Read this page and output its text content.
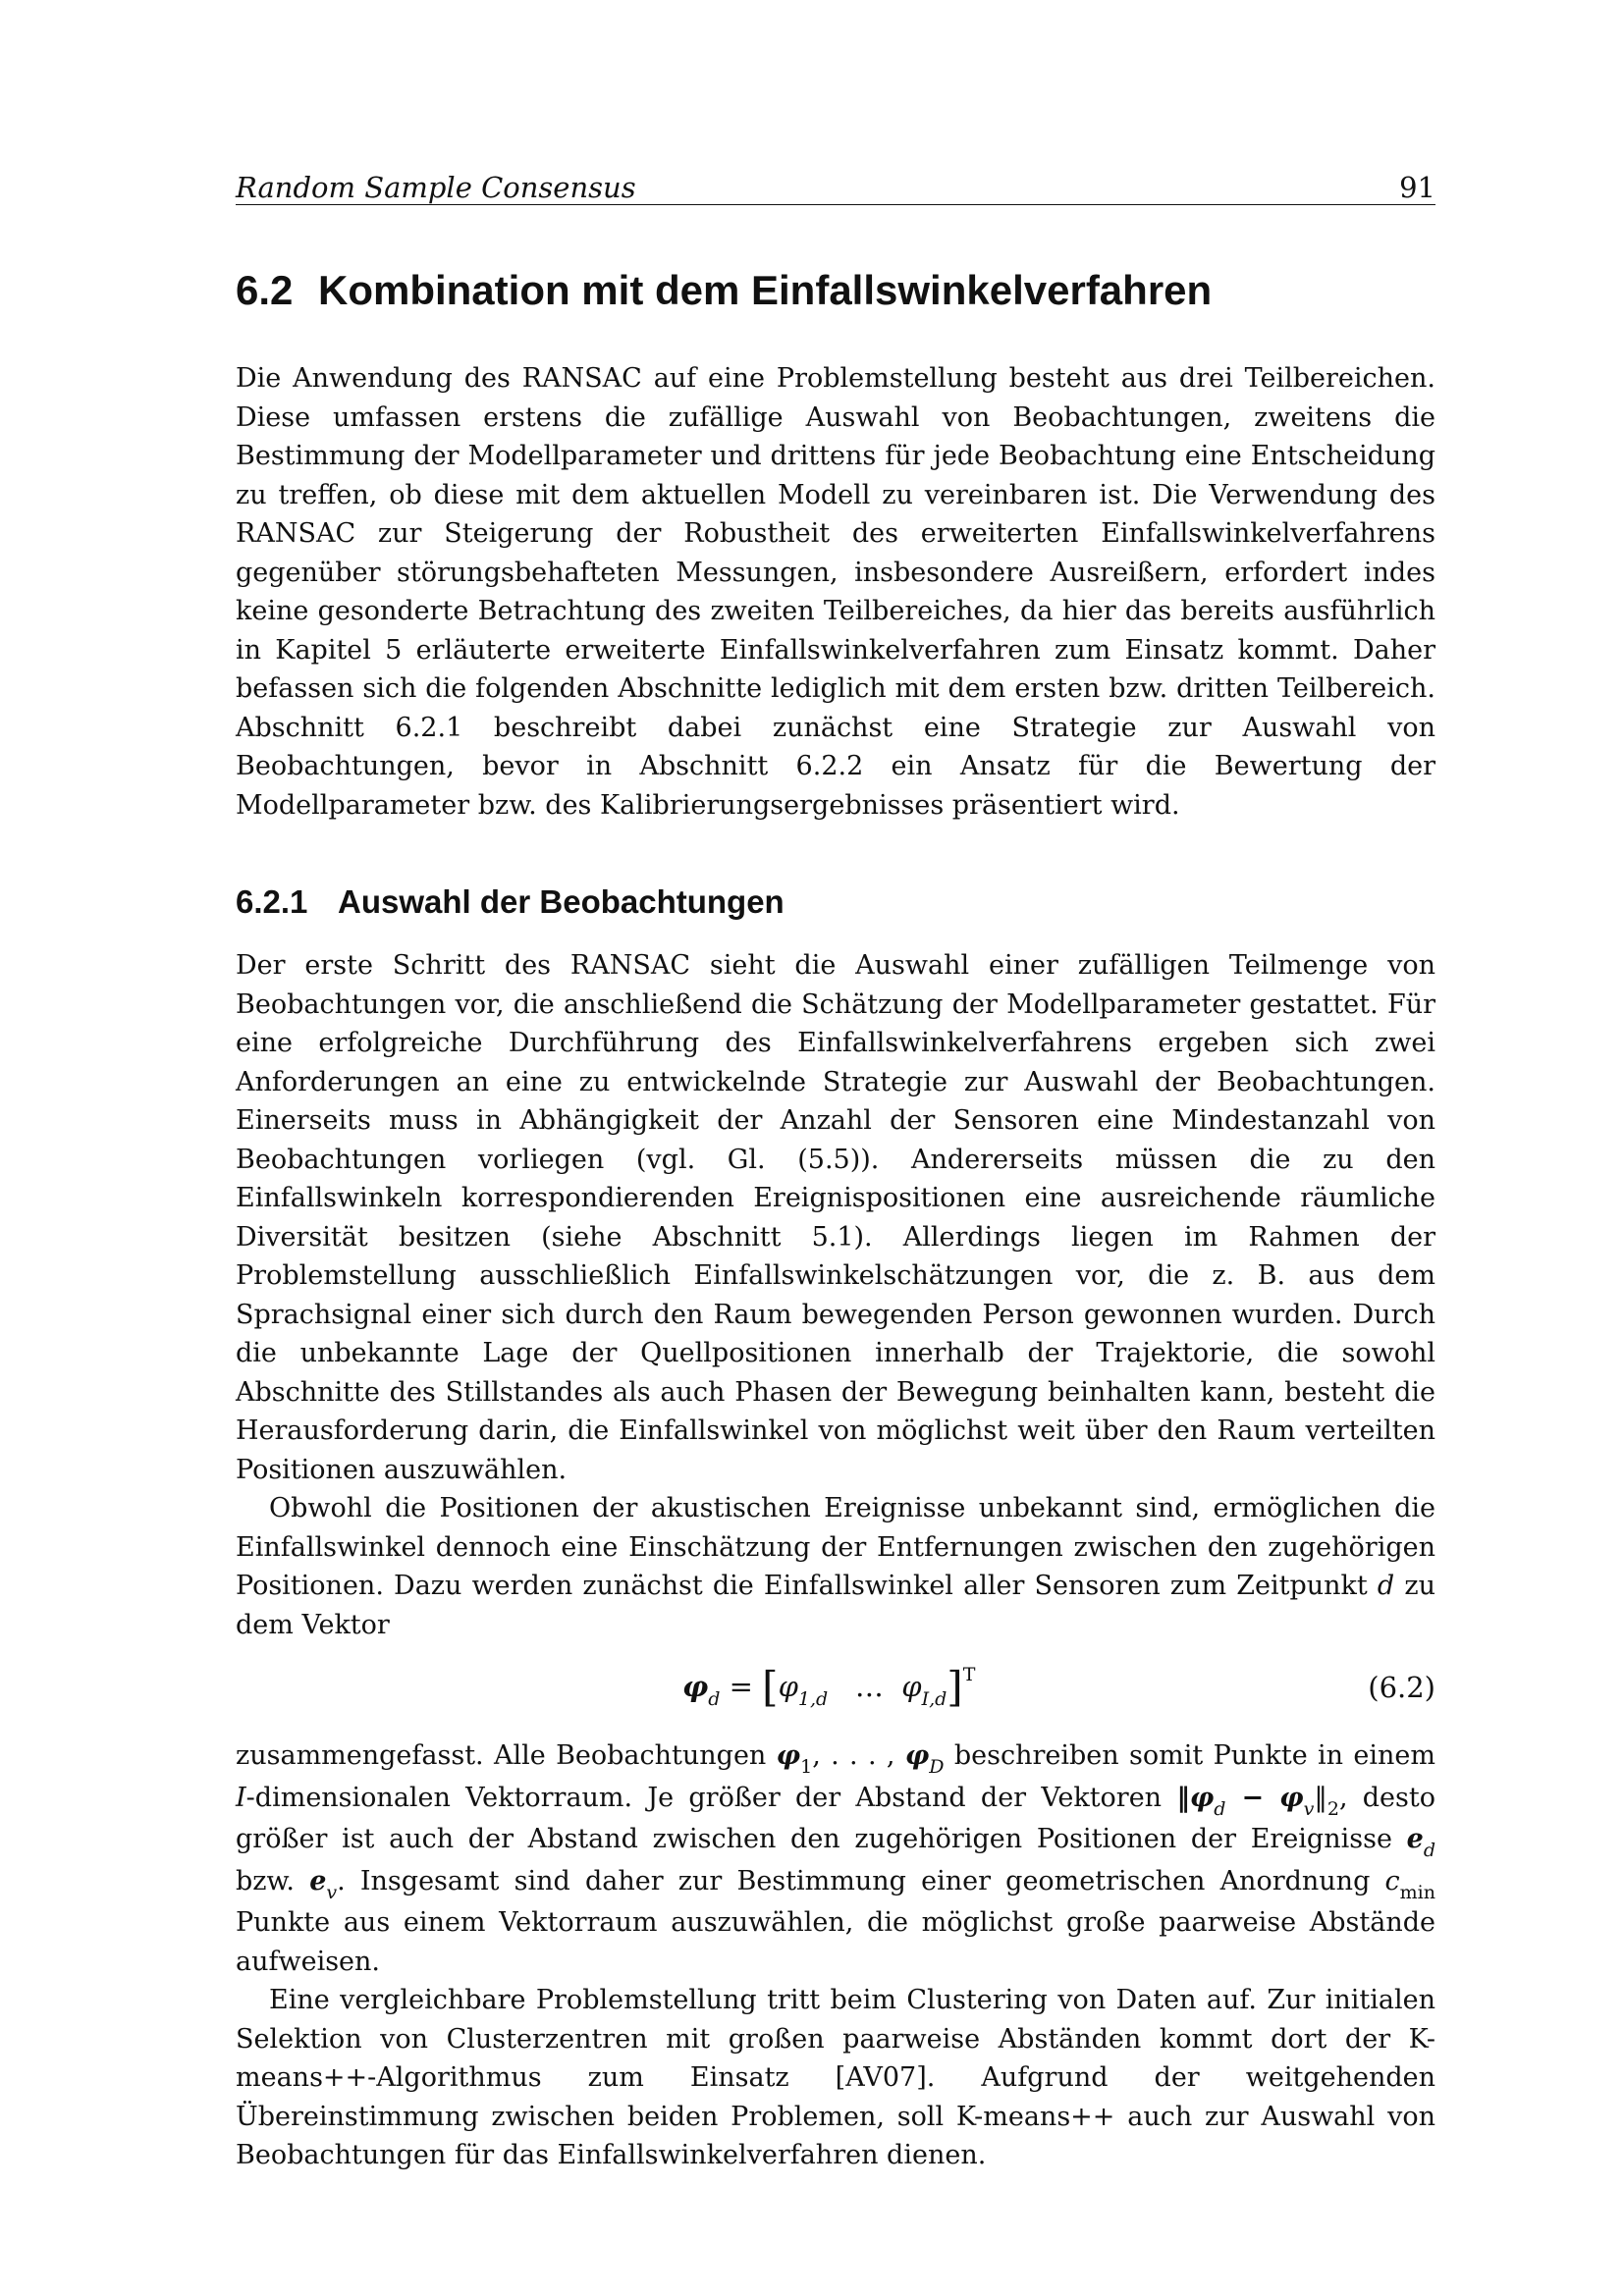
Random Sample Consensus	91
6.2 Kombination mit dem Einfallswinkelverfahren

Die Anwendung des RANSAC auf eine Problemstellung besteht aus drei Teilbereichen. Diese umfassen erstens die zufällige Auswahl von Beobachtungen, zweitens die Bestimmung der Modellparameter und drittens für jede Beobachtung eine Entscheidung zu treffen, ob diese mit dem aktuellen Modell zu vereinbaren ist. Die Verwendung des RANSAC zur Steigerung der Robustheit des erweiterten Einfallswinkelverfahrens gegenüber störungsbehafteten Messungen, insbesondere Ausreißern, erfordert indes keine gesonderte Betrachtung des zweiten Teilbereiches, da hier das bereits ausführlich in Kapitel 5 erläuterte erweiterte Einfallswinkelverfahren zum Einsatz kommt. Daher befassen sich die folgenden Abschnitte lediglich mit dem ersten bzw. dritten Teilbereich. Abschnitt 6.2.1 beschreibt dabei zunächst eine Strategie zur Auswahl von Beobachtungen, bevor in Abschnitt 6.2.2 ein Ansatz für die Bewertung der Modellparameter bzw. des Kalibrierungsergebnisses präsentiert wird.

6.2.1 Auswahl der Beobachtungen

Der erste Schritt des RANSAC sieht die Auswahl einer zufälligen Teilmenge von Beobachtungen vor, die anschließend die Schätzung der Modellparameter gestattet. Für eine erfolgreiche Durchführung des Einfallswinkelverfahrens ergeben sich zwei Anforderungen an eine zu entwickelnde Strategie zur Auswahl der Beobachtungen. Einerseits muss in Abhängigkeit der Anzahl der Sensoren eine Mindestanzahl von Beobachtungen vorliegen (vgl. Gl. (5.5)). Andererseits müssen die zu den Einfallswinkeln korrespondierenden Ereignispositionen eine ausreichende räumliche Diversität besitzen (siehe Abschnitt 5.1). Allerdings liegen im Rahmen der Problemstellung ausschließlich Einfallswinkelschätzungen vor, die z. B. aus dem Sprachsignal einer sich durch den Raum bewegenden Person gewonnen wurden. Durch die unbekannte Lage der Quellpositionen innerhalb der Trajektorie, die sowohl Abschnitte des Stillstandes als auch Phasen der Bewegung beinhalten kann, besteht die Herausforderung darin, die Einfallswinkel von möglichst weit über den Raum verteilten Positionen auszuwählen.

Obwohl die Positionen der akustischen Ereignisse unbekannt sind, ermöglichen die Einfallswinkel dennoch eine Einschätzung der Entfernungen zwischen den zugehörigen Positionen. Dazu werden zunächst die Einfallswinkel aller Sensoren zum Zeitpunkt d zu dem Vektor

$\varphi_d = [\varphi_{1,d}$ … $\varphi_{I,d}]^T$	(6.2)

zusammengefasst. Alle Beobachtungen $\varphi_1$, . . . , $\varphi_D$ beschreiben somit Punkte in einem I-dimensionalen Vektorraum. Je größer der Abstand der Vektoren $‖\varphi_d$ − $\varphi_v‖_2$, desto größer ist auch der Abstand zwischen den zugehörigen Positionen der Ereignisse $e_d$ bzw. $e_v$. Insgesamt sind daher zur Bestimmung einer geometrischen Anordnung $c_{min}$ Punkte aus einem Vektorraum auszuwählen, die möglichst große paarweise Abstände aufweisen.

Eine vergleichbare Problemstellung tritt beim Clustering von Daten auf. Zur initialen Selektion von Clusterzentren mit großen paarweise Abständen kommt dort der K-means++-Algorithmus zum Einsatz [AV07]. Aufgrund der weitgehenden Übereinstimmung zwischen beiden Problemen, soll K-means++ auch zur Auswahl von Beobachtungen für das Einfallswinkelverfahren dienen.
